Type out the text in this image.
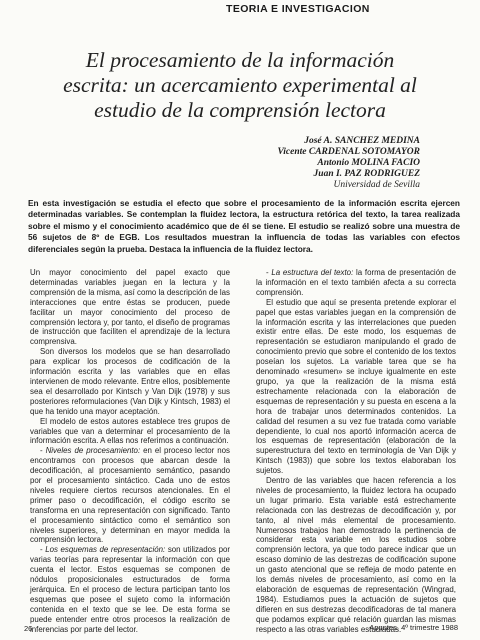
TEORIA E INVESTIGACION
El procesamiento de la información
escrita: un acercamiento experimental al
estudio de la comprensión lectora
José A. SANCHEZ MEDINA
Vicente CARDENAL SOTOMAYOR
Antonio MOLINA FACIO
Juan I. PAZ RODRIGUEZ
Universidad de Sevilla
En esta investigación se estudia el efecto que sobre el procesamiento de la información escrita ejercen determinadas variables. Se contemplan la fluidez lectora, la estructura retórica del texto, la tarea realizada sobre el mismo y el conocimiento académico que de él se tiene. El estudio se realizó sobre una muestra de 56 sujetos de 8º de EGB. Los resultados muestran la influencia de todas las variables con efectos diferenciales según la prueba. Destaca la influencia de la fluidez lectora.

Un mayor conocimiento del papel exacto que determinadas variables juegan en la lectura y la comprensión de la misma, así como la descripción de las interacciones que entre éstas se producen, puede facilitar un mayor conocimiento del proceso de comprensión lectora y, por tanto, el diseño de programas de instrucción que faciliten el aprendizaje de la lectura comprensiva.

Son diversos los modelos que se han desarrollado para explicar los procesos de codificación de la información escrita y las variables que en ellas intervienen de modo relevante. Entre ellos, posiblemente sea el desarrollado por Kintsch y Van Dijk (1978) y sus posteriores reformulaciones (Van Dijk y Kintsch, 1983) el que ha tenido una mayor aceptación.

El modelo de estos autores establece tres grupos de variables que van a determinar el procesamiento de la información escrita. A ellas nos referimos a continuación.

- Niveles de procesamiento: en el proceso lector nos encontramos con procesos que abarcan desde la decodificación, al procesamiento semántico, pasando por el procesamiento sintáctico. Cada uno de estos niveles requiere ciertos recursos atencionales. En el primer paso o decodificación, el código escrito se transforma en una representación con significado. Tanto el procesamiento sintáctico como el semántico son niveles superiores, y determinan en mayor medida la comprensión lectora.

- Los esquemas de representación: son utilizados por varias teorías para representar la información con que cuenta el lector. Estos esquemas se componen de nódulos proposicionales estructurados de forma jerárquica. En el proceso de lectura participan tanto los esquemas que posee el sujeto como la información contenida en el texto que se lee. De esta forma se puede entender entre otros procesos la realización de inferencias por parte del lector.

- La estructura del texto: la forma de presentación de la información en el texto también afecta a su correcta comprensión.

El estudio que aquí se presenta pretende explorar el papel que estas variables juegan en la comprensión de la información escrita y las interrelaciones que pueden existir entre ellas. De este modo, los esquemas de representación se estudiaron manipulando el grado de conocimiento previo que sobre el contenido de los textos poseían los sujetos. La variable tarea que se ha denominado «resumen» se incluye igualmente en este grupo, ya que la realización de la misma está estrechamente relacionada con la elaboración de esquemas de representación y su puesta en escena a la hora de trabajar unos determinados contenidos. La calidad del resumen a su vez fue tratada como variable dependiente, lo cual nos aportó información acerca de los esquemas de representación (elaboración de la superestructura del texto en terminología de Van Dijk y Kintsch (1983)) que sobre los textos elaboraban los sujetos.

Dentro de las variables que hacen referencia a los niveles de procesamiento, la fluidez lectora ha ocupado un lugar primario. Esta variable está estrechamente relacionada con las destrezas de decodificación y, por tanto, al nivel más elemental de procesamiento. Numerosos trabajos han demostrado la pertinencia de considerar esta variable en los estudios sobre comprensión lectora, ya que todo parece indicar que un escaso dominio de las destrezas de codificación supone un gasto atencional que se refleja de modo patente en los demás niveles de procesamiento, así como en la elaboración de esquemas de representación (Wingrad, 1984). Estudiamos pues la actuación de sujetos que difieren en sus destrezas decodificadoras de tal manera que podamos explicar qué relación guardan las mismas respecto a las otras variables estudiadas.

26	Apuntes. 4º trimestre 1988
